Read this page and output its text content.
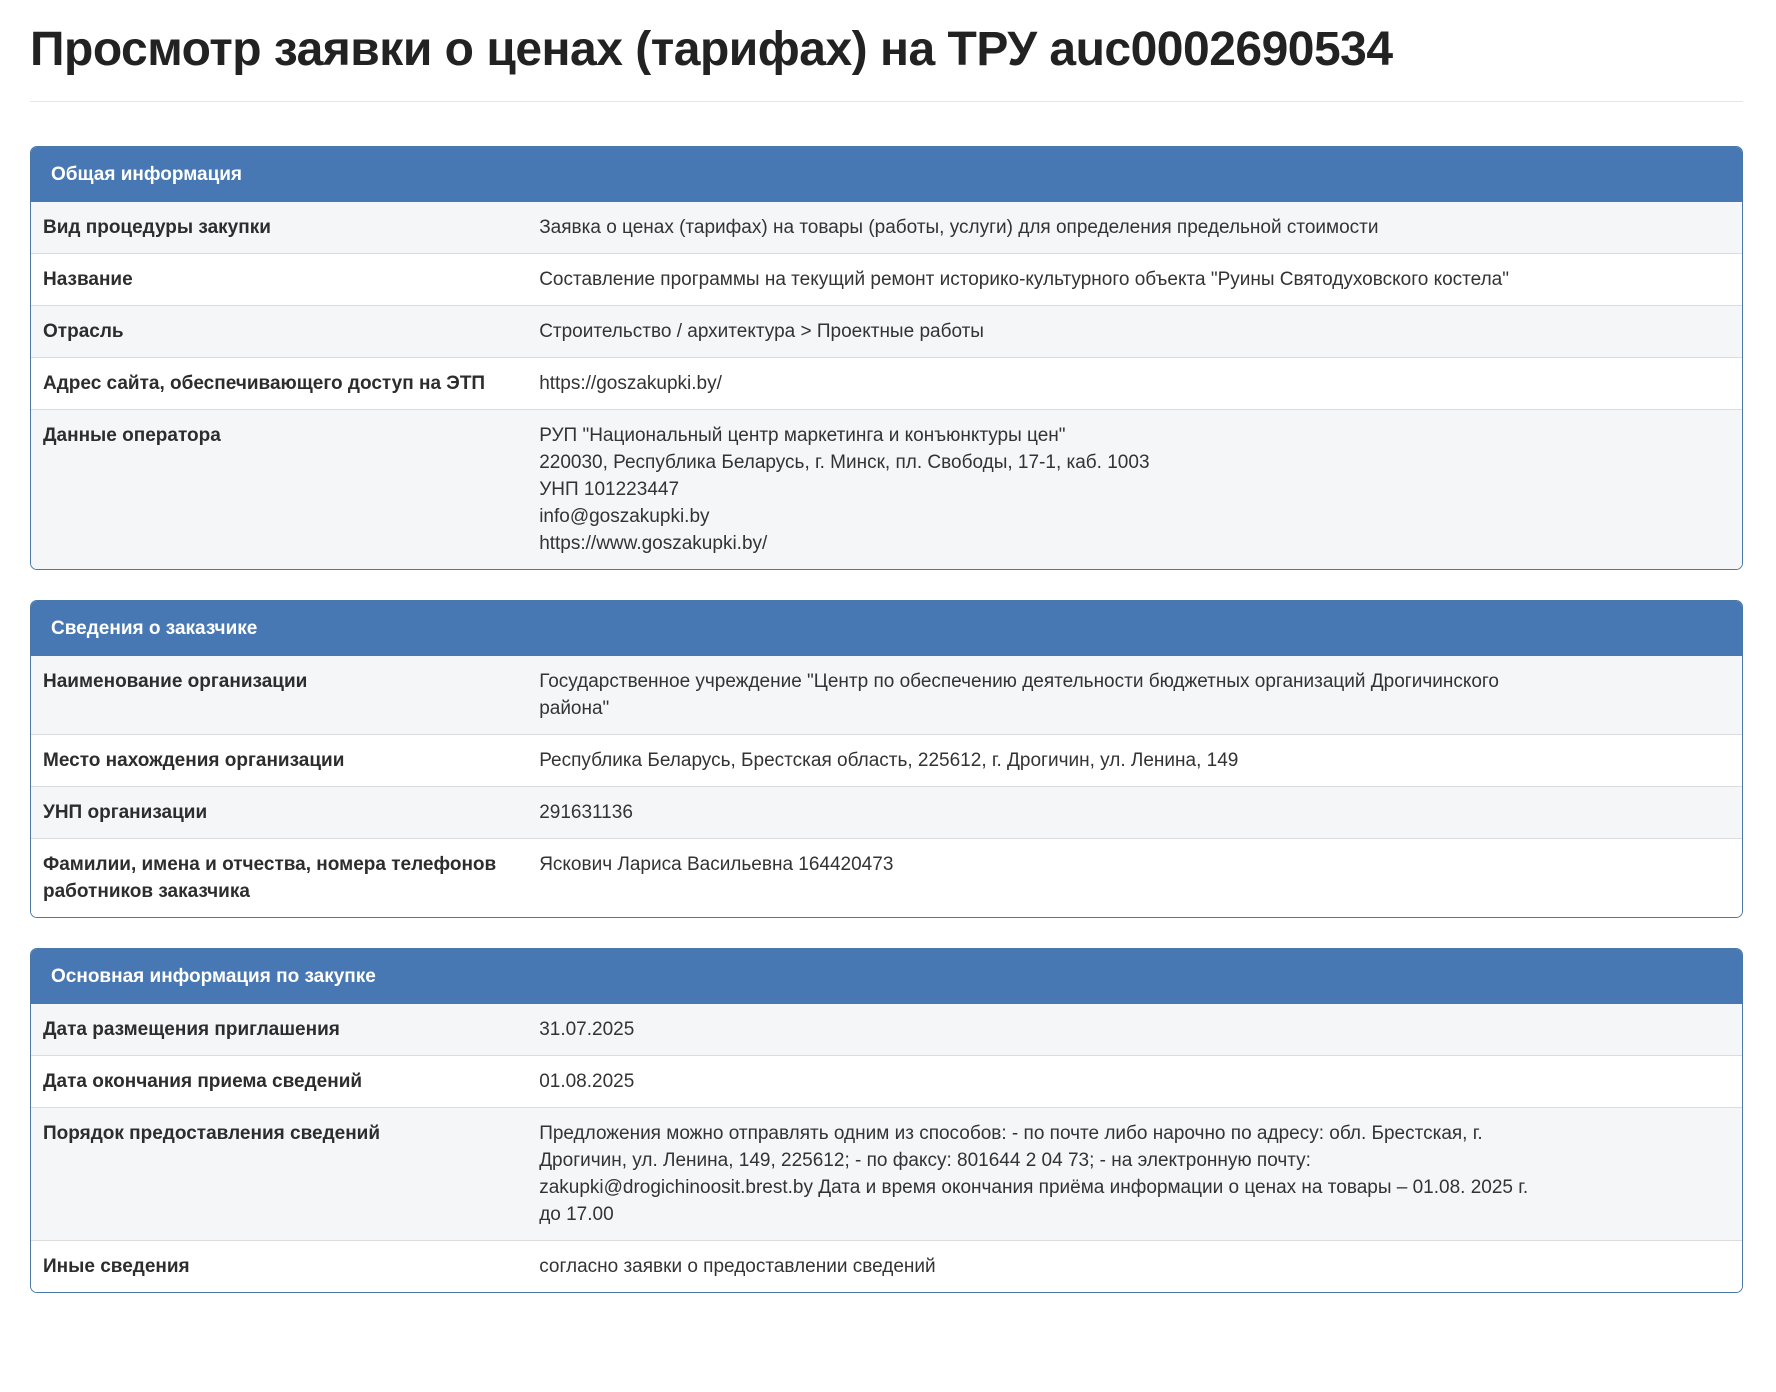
Просмотр заявки о ценах (тарифах) на ТРУ auc0002690534
Общая информация
Вид процедуры закупки	Заявка о ценах (тарифах) на товары (работы, услуги) для определения предельной стоимости
Название	Составление программы на текущий ремонт историко-культурного объекта "Руины Святодуховского костела"
Отрасль	Строительство / архитектура > Проектные работы
Адрес сайта, обеспечивающего доступ на ЭТП	https://goszakupki.by/
Данные оператора	РУП "Национальный центр маркетинга и конъюнктуры цен"
220030, Республика Беларусь, г. Минск, пл. Свободы, 17-1, каб. 1003
УНП 101223447
info@goszakupki.by
https://www.goszakupki.by/
Сведения о заказчике
Наименование организации	Государственное учреждение "Центр по обеспечению деятельности бюджетных организаций Дрогичинского района"
Место нахождения организации	Республика Беларусь, Брестская область, 225612, г. Дрогичин, ул. Ленина, 149
УНП организации	291631136
Фамилии, имена и отчества, номера телефонов работников заказчика	Яскович Лариса Васильевна 164420473
Основная информация по закупке
Дата размещения приглашения	31.07.2025
Дата окончания приема сведений	01.08.2025
Порядок предоставления сведений	Предложения можно отправлять одним из способов: - по почте либо нарочно по адресу: обл. Брестская, г. Дрогичин, ул. Ленина, 149, 225612; - по факсу: 801644 2 04 73; - на электронную почту: zakupki@drogichinoosit.brest.by Дата и время окончания приёма информации о ценах на товары – 01.08. 2025 г. до 17.00
Иные сведения	согласно заявки о предоставлении сведений
